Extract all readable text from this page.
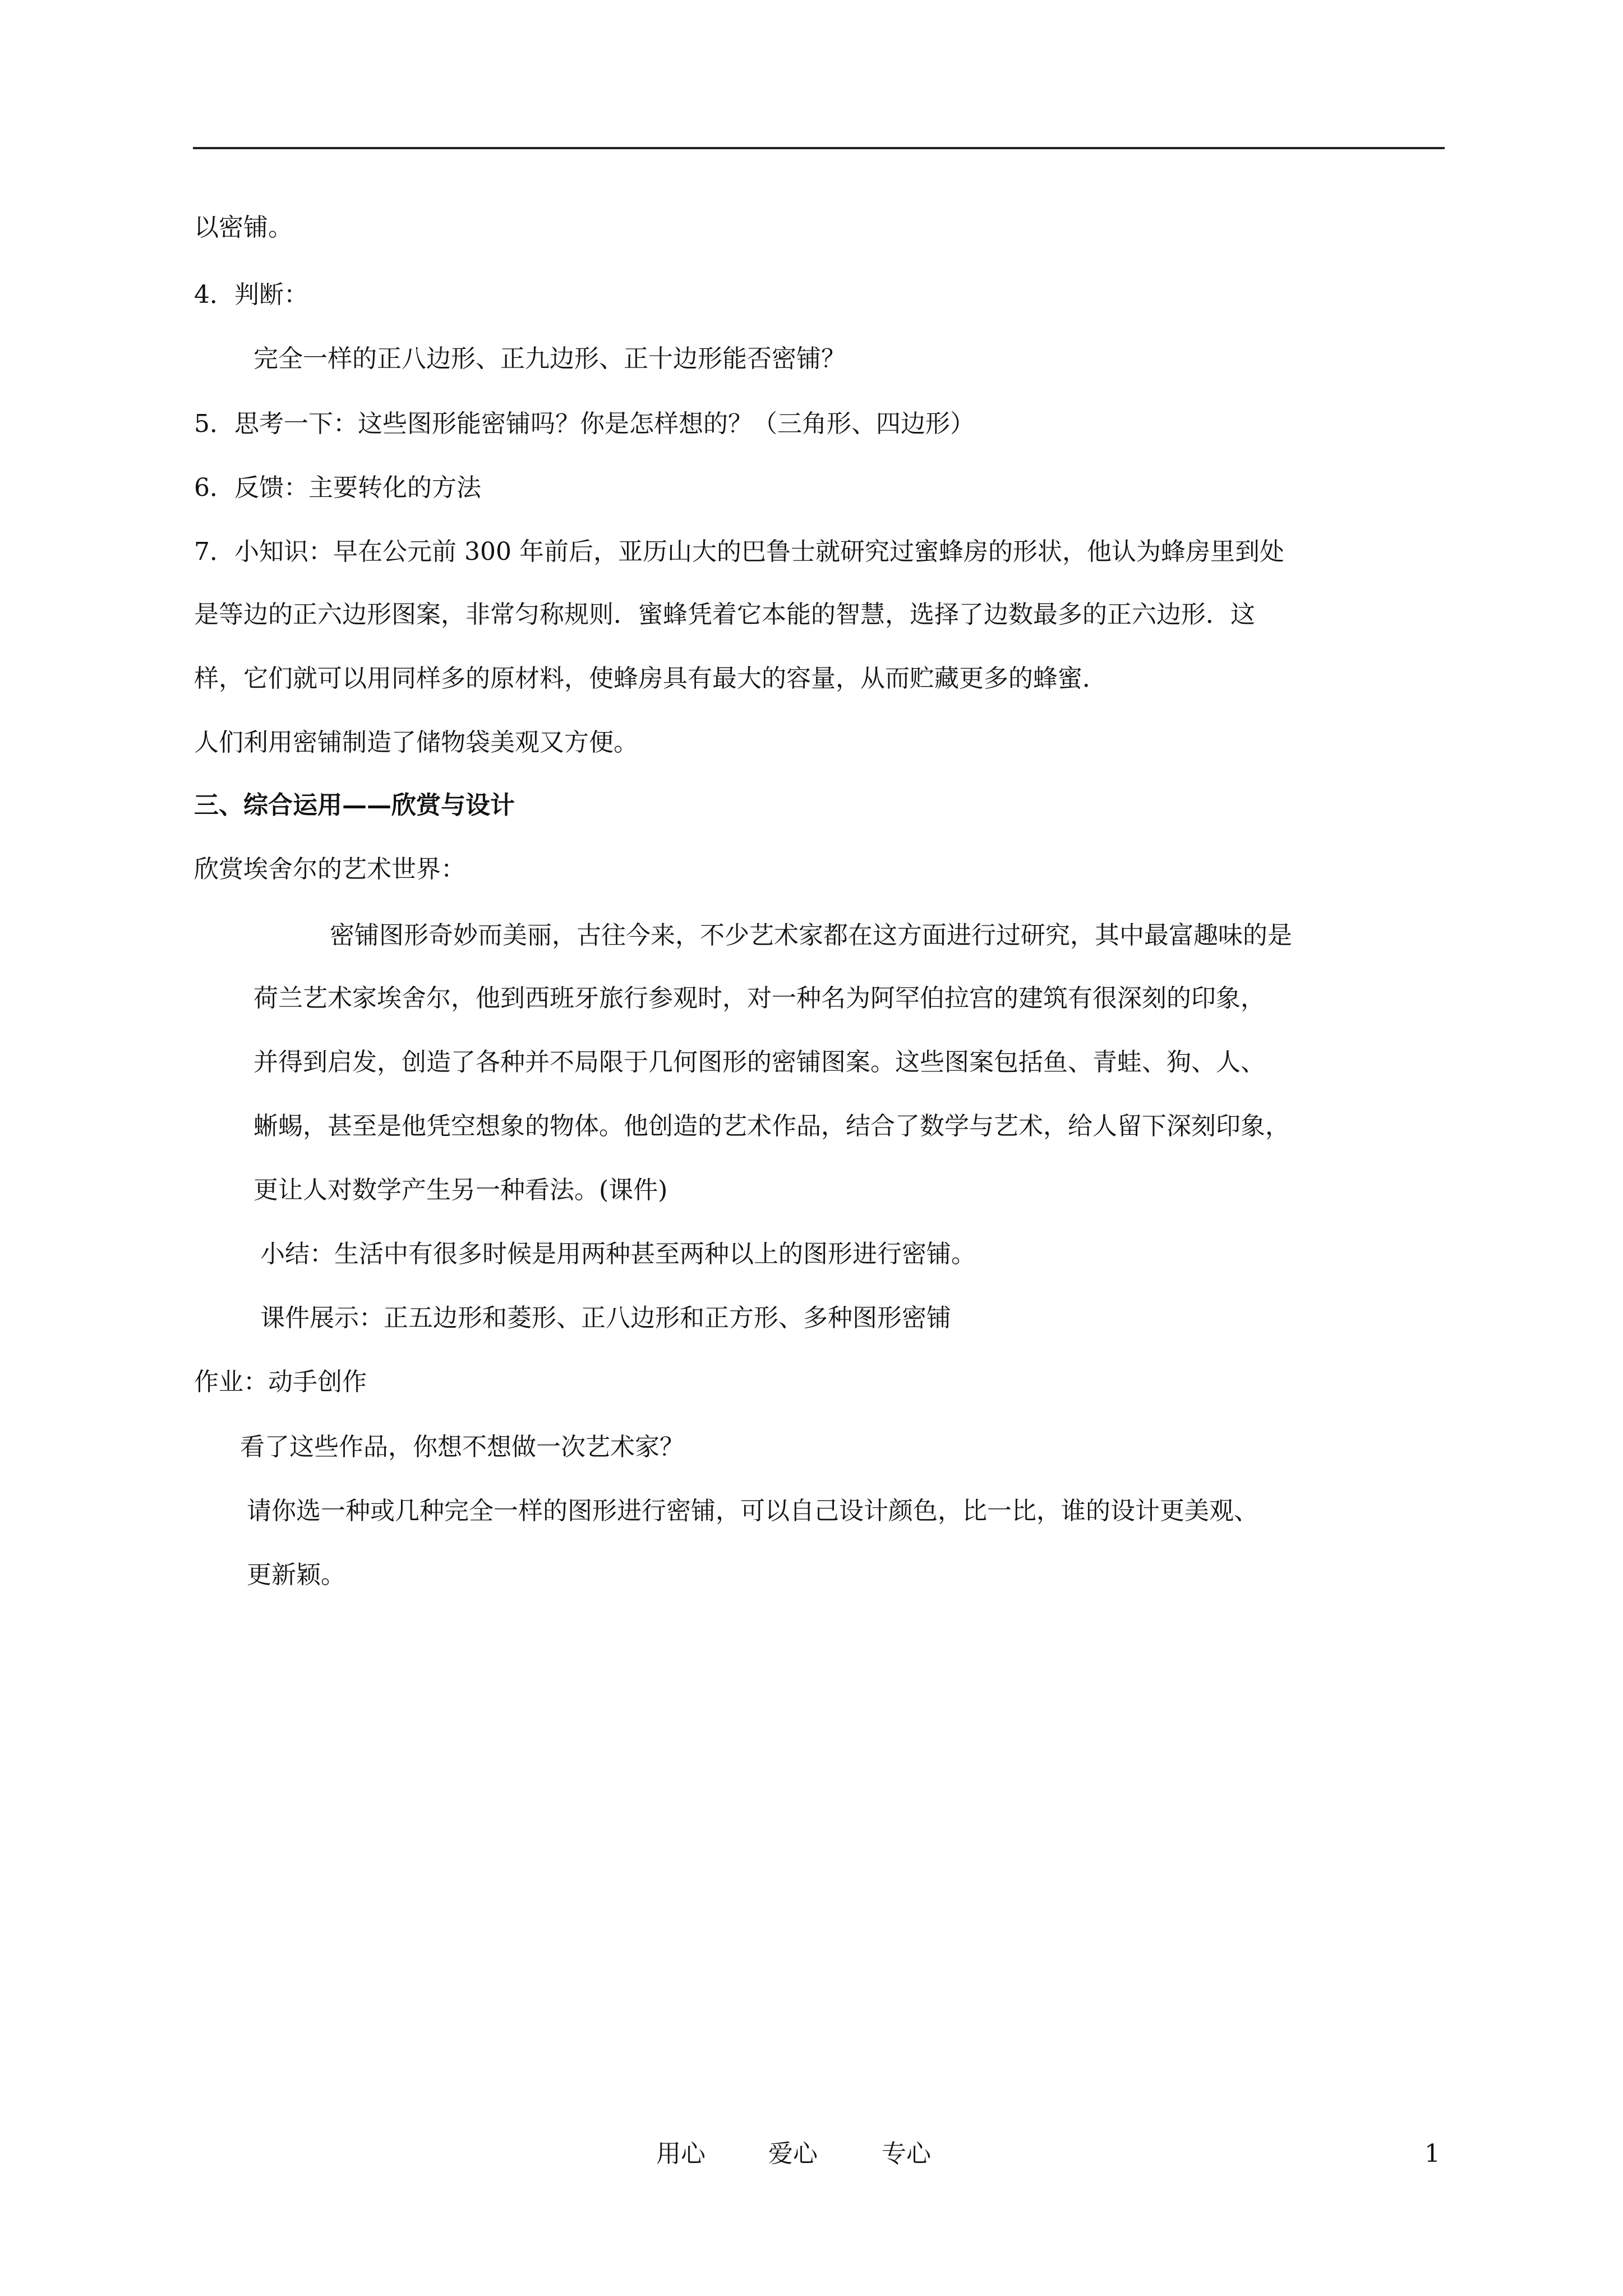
以密铺。
4．判断：
完全一样的正八边形、正九边形、正十边形能否密铺？
5．思考一下：这些图形能密铺吗？你是怎样想的？（三角形、四边形）
6．反馈：主要转化的方法
7．小知识：早在公元前 300 年前后，亚历山大的巴鲁士就研究过蜜蜂房的形状，他认为蜂房里到处
是等边的正六边形图案，非常匀称规则．蜜蜂凭着它本能的智慧，选择了边数最多的正六边形．这
样，它们就可以用同样多的原材料，使蜂房具有最大的容量，从而贮藏更多的蜂蜜．
人们利用密铺制造了储物袋美观又方便。
三、综合运用——欣赏与设计
欣赏埃舍尔的艺术世界：
密铺图形奇妙而美丽，古往今来，不少艺术家都在这方面进行过研究，其中最富趣味的是
荷兰艺术家埃舍尔，他到西班牙旅行参观时，对一种名为阿罕伯拉宫的建筑有很深刻的印象，
并得到启发，创造了各种并不局限于几何图形的密铺图案。这些图案包括鱼、青蛙、狗、人、
蜥蜴，甚至是他凭空想象的物体。他创造的艺术作品，结合了数学与艺术，给人留下深刻印象，
更让人对数学产生另一种看法。(课件)
小结：生活中有很多时候是用两种甚至两种以上的图形进行密铺。
课件展示：正五边形和菱形、正八边形和正方形、多种图形密铺
作业：动手创作
看了这些作品，你想不想做一次艺术家？
请你选一种或几种完全一样的图形进行密铺，可以自己设计颜色，比一比，谁的设计更美观、
更新颖。
用心	爱心	专心	1
